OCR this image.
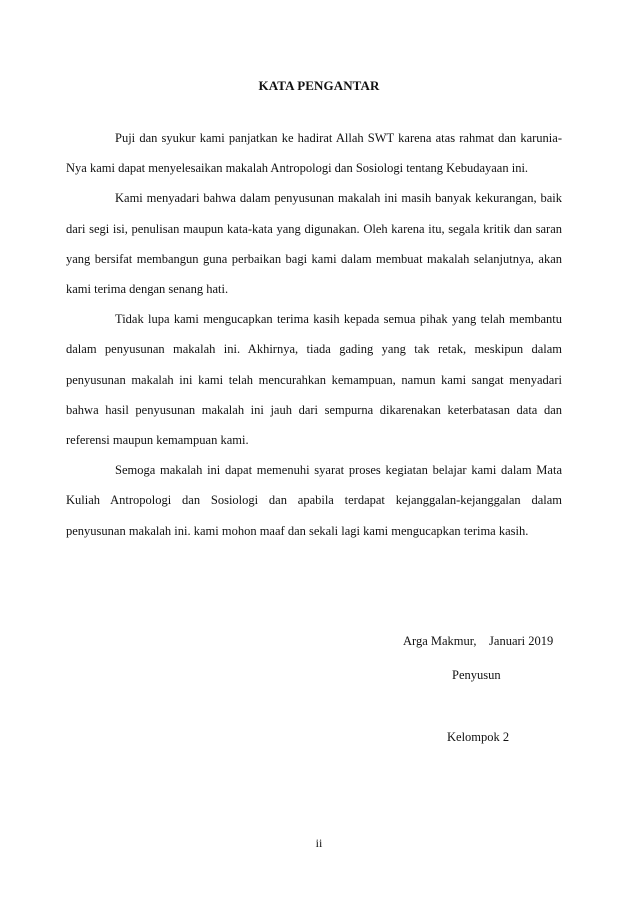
KATA PENGANTAR

Puji dan syukur kami panjatkan ke hadirat Allah SWT karena atas rahmat dan karunia-Nya kami dapat menyelesaikan makalah Antropologi dan Sosiologi tentang Kebudayaan ini.

Kami menyadari bahwa dalam penyusunan makalah ini masih banyak kekurangan, baik dari segi isi, penulisan maupun kata-kata yang digunakan. Oleh karena itu, segala kritik dan saran yang bersifat membangun guna perbaikan bagi kami dalam membuat makalah selanjutnya, akan kami terima dengan senang hati.

Tidak lupa kami mengucapkan terima kasih kepada semua pihak yang telah membantu dalam penyusunan makalah ini. Akhirnya, tiada gading yang tak retak, meskipun dalam penyusunan makalah ini kami telah mencurahkan kemampuan, namun kami sangat menyadari bahwa hasil penyusunan makalah ini jauh dari sempurna dikarenakan keterbatasan data dan referensi maupun kemampuan kami.

Semoga makalah ini dapat memenuhi syarat proses kegiatan belajar kami dalam Mata Kuliah Antropologi dan Sosiologi dan apabila terdapat kejanggalan-kejanggalan dalam penyusunan makalah ini. kami mohon maaf dan sekali lagi kami mengucapkan terima kasih.

Arga Makmur,    Januari 2019
Penyusun
Kelompok 2
ii
